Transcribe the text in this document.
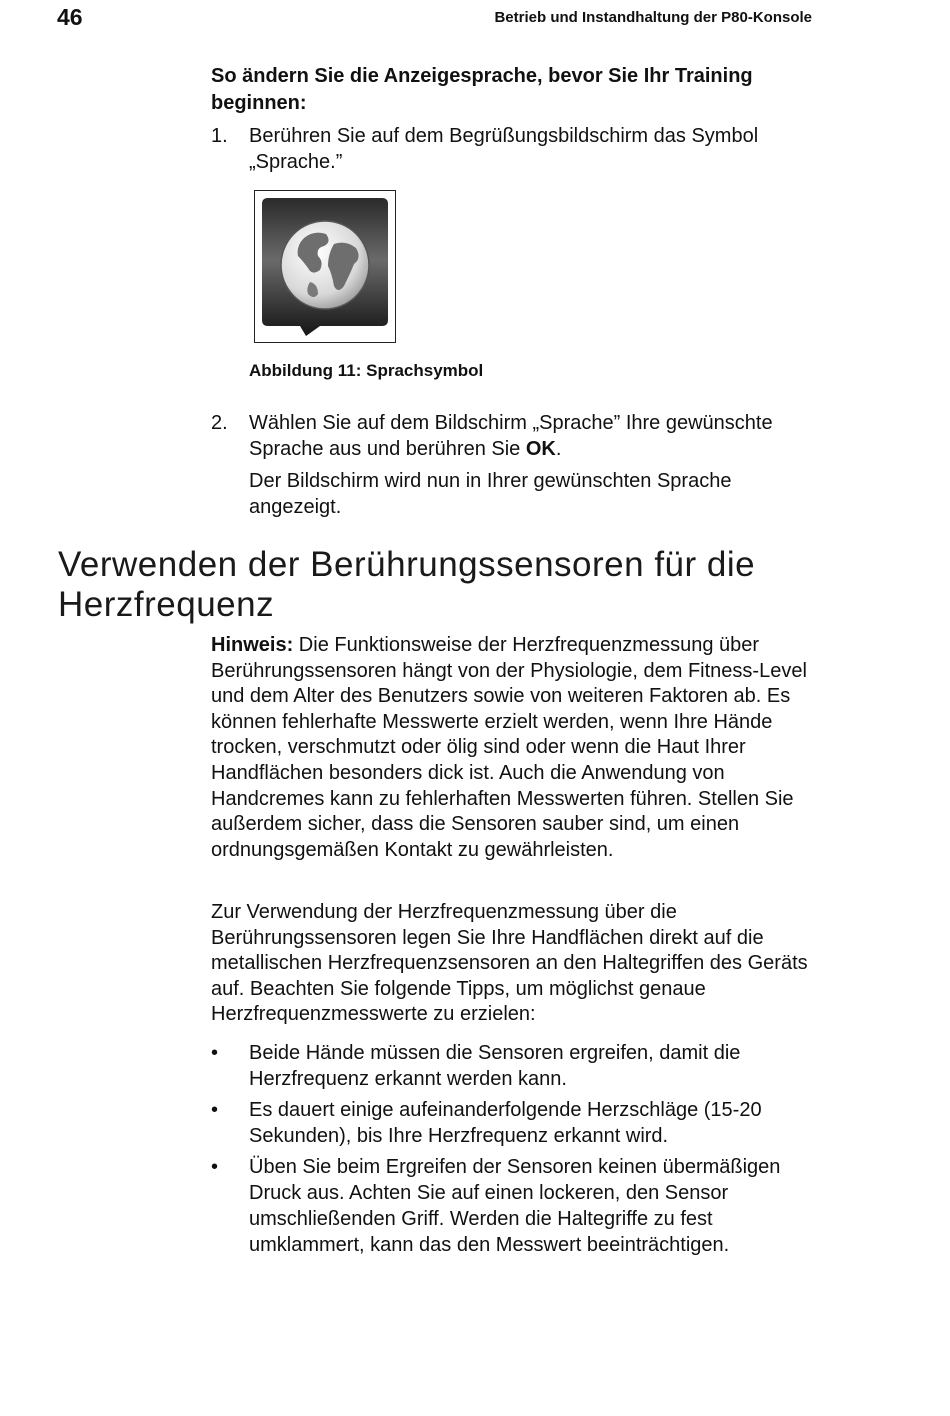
46	Betrieb und Instandhaltung der P80-Konsole
So ändern Sie die Anzeigesprache, bevor Sie Ihr Training beginnen:
1. Berühren Sie auf dem Begrüßungsbildschirm das Symbol „Sprache.”
Abbildung 11: Sprachsymbol
2. Wählen Sie auf dem Bildschirm „Sprache” Ihre gewünschte Sprache aus und berühren Sie OK.
Der Bildschirm wird nun in Ihrer gewünschten Sprache angezeigt.
Verwenden der Berührungssensoren für die Herzfrequenz
Hinweis: Die Funktionsweise der Herzfrequenzmessung über Berührungssensoren hängt von der Physiologie, dem Fitness-Level und dem Alter des Benutzers sowie von weiteren Faktoren ab. Es können fehlerhafte Messwerte erzielt werden, wenn Ihre Hände trocken, verschmutzt oder ölig sind oder wenn die Haut Ihrer Handflächen besonders dick ist. Auch die Anwendung von Handcremes kann zu fehlerhaften Messwerten führen. Stellen Sie außerdem sicher, dass die Sensoren sauber sind, um einen ordnungsgemäßen Kontakt zu gewährleisten.
Zur Verwendung der Herzfrequenzmessung über die Berührungssensoren legen Sie Ihre Handflächen direkt auf die metallischen Herzfrequenzsensoren an den Haltegriffen des Geräts auf. Beachten Sie folgende Tipps, um möglichst genaue Herzfrequenzmesswerte zu erzielen:
• Beide Hände müssen die Sensoren ergreifen, damit die Herzfrequenz erkannt werden kann.
• Es dauert einige aufeinanderfolgende Herzschläge (15-20 Sekunden), bis Ihre Herzfrequenz erkannt wird.
• Üben Sie beim Ergreifen der Sensoren keinen übermäßigen Druck aus. Achten Sie auf einen lockeren, den Sensor umschließenden Griff. Werden die Haltegriffe zu fest umklammert, kann das den Messwert beeinträchtigen.
